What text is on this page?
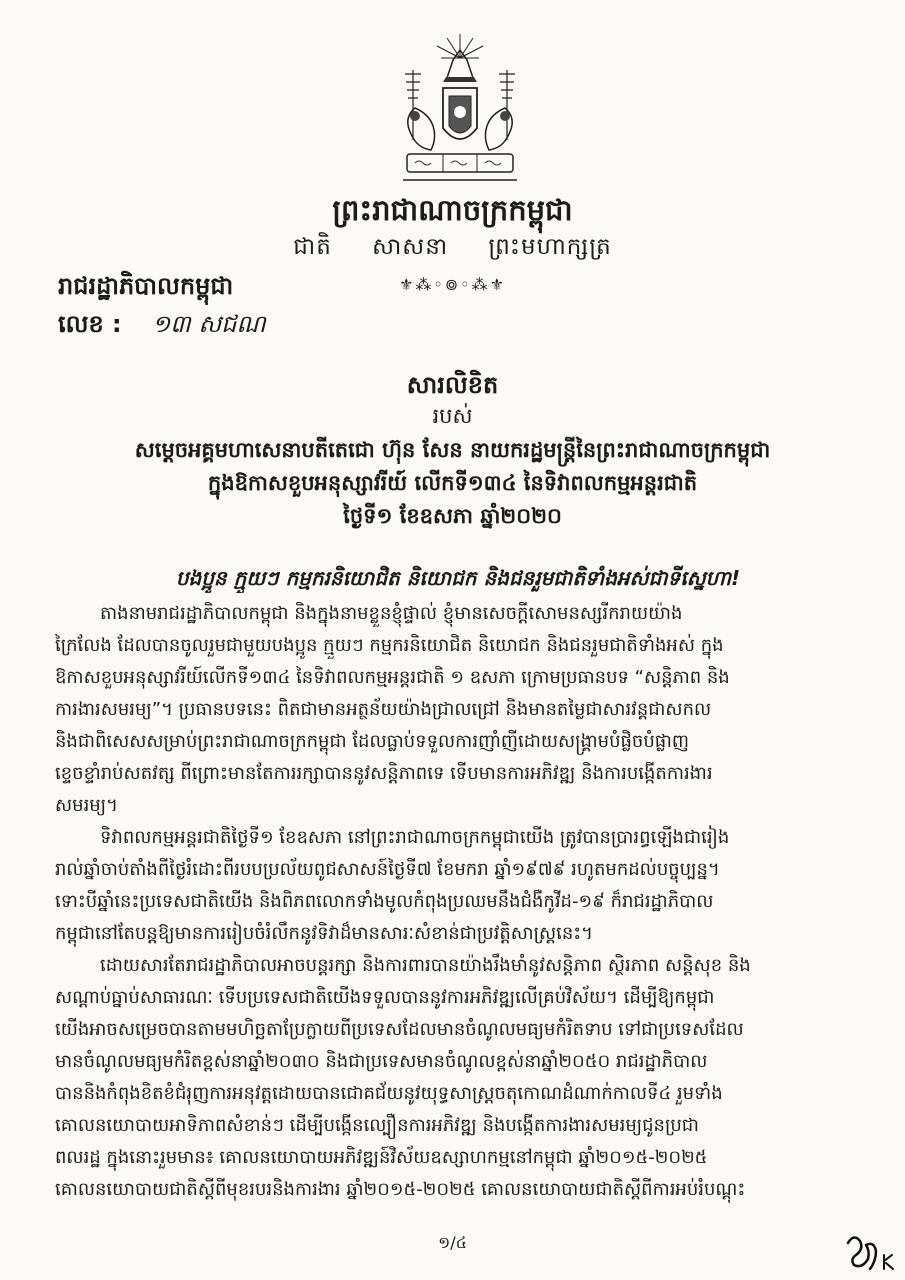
ព្រះរាជាណាចក្រកម្ពុជា
ជាតិ សាសនា ព្រះមហាក្សត្រ
⚜⁂◦៙◦⁂⚜
រាជរដ្ឋាភិបាលកម្ពុជា
លេខ : ១៣ សជណ
សារលិខិត
របស់
សម្តេចអគ្គមហាសេនាបតីតេជោ ហ៊ុន សែន នាយករដ្ឋមន្ត្រីនៃព្រះរាជាណាចក្រកម្ពុជា
ក្នុងឱកាសខួបអនុស្សាវរីយ៍ លើកទី១៣៤ នៃទិវាពលកម្មអន្តរជាតិ
ថ្ងៃទី១ ខែឧសភា ឆ្នាំ២០២០
បងប្អូន ក្មួយៗ កម្មករនិយោជិត និយោជក និងជនរួមជាតិទាំងអស់ជាទីស្នេហា!

តាងនាមរាជរដ្ឋាភិបាលកម្ពុជា និងក្នុងនាមខ្លួនខ្ញុំផ្ទាល់ ខ្ញុំមានសេចក្តីសោមនស្សរីករាយយ៉ាង
ក្រៃលែង ដែលបានចូលរួមជាមួយបងប្អូន ក្មួយៗ កម្មករនិយោជិត និយោជក និងជនរួមជាតិទាំងអស់ ក្នុង
ឱកាសខួបអនុស្សាវរីយ៍លើកទី១៣៤ នៃទិវាពលកម្មអន្តរជាតិ ១ ឧសភា ក្រោមប្រធានបទ “សន្តិភាព និង
ការងារសមរម្យ”។ ប្រធានបទនេះ ពិតជាមានអត្ថន័យយ៉ាងជ្រាលជ្រៅ និងមានតម្លៃជាសារវន្តជាសកល
និងជាពិសេសសម្រាប់ព្រះរាជាណាចក្រកម្ពុជា ដែលធ្លាប់ទទួលការញាំញីដោយសង្គ្រាមបំផ្លិចបំផ្លាញ
ខ្ទេចខ្ទាំរាប់សតវត្ស ពីព្រោះមានតែការរក្សាបាននូវសន្តិភាពទេ ទើបមានការអភិវឌ្ឍ និងការបង្កើតការងារ
សមរម្យ។

ទិវាពលកម្មអន្តរជាតិថ្ងៃទី១ ខែឧសភា នៅព្រះរាជាណាចក្រកម្ពុជាយើង ត្រូវបានប្រារព្ធឡើងជារៀង
រាល់ឆ្នាំចាប់តាំងពីថ្ងៃរំដោះពីរបបប្រល័យពូជសាសន៍ថ្ងៃទី៧ ខែមករា ឆ្នាំ១៩៧៩ រហូតមកដល់បច្ចុប្បន្ន។
ទោះបីឆ្នាំនេះប្រទេសជាតិយើង និងពិភពលោកទាំងមូលកំពុងប្រឈមនឹងជំងឺកូវីដ-១៩ ក៏រាជរដ្ឋាភិបាល
កម្ពុជានៅតែបន្តឱ្យមានការរៀបចំរំលឹកនូវទិវាដ៏មានសារៈសំខាន់ជាប្រវត្តិសាស្ត្រនេះ។

ដោយសារតែរាជរដ្ឋាភិបាលអាចបន្តរក្សា និងការពារបានយ៉ាងរឹងមាំនូវសន្តិភាព ស្ថិរភាព សន្តិសុខ និង
សណ្តាប់ធ្នាប់សាធារណៈ ទើបប្រទេសជាតិយើងទទួលបាននូវការអភិវឌ្ឍលើគ្រប់វិស័យ។ ដើម្បីឱ្យកម្ពុជា
យើងអាចសម្រេចបានតាមមហិច្ឆតាប្រែក្លាយពីប្រទេសដែលមានចំណូលមធ្យមកំរិតទាប ទៅជាប្រទេសដែល
មានចំណូលមធ្យមកំរិតខ្ពស់នាឆ្នាំ២០៣០ និងជាប្រទេសមានចំណូលខ្ពស់នាឆ្នាំ២០៥០ រាជរដ្ឋាភិបាល
បាននិងកំពុងខិតខំជំរុញការអនុវត្តដោយបានជោគជ័យនូវយុទ្ធសាស្ត្រចតុកោណដំណាក់កាលទី៤ រួមទាំង
គោលនយោបាយអាទិភាពសំខាន់ៗ ដើម្បីបង្កើនល្បឿនការអភិវឌ្ឍ និងបង្កើតការងារសមរម្យជូនប្រជា
ពលរដ្ឋ ក្នុងនោះរួមមាន៖ គោលនយោបាយអភិវឌ្ឍន៍វិស័យឧស្សាហកម្មនៅកម្ពុជា ឆ្នាំ២០១៥-២០២៥
គោលនយោបាយជាតិស្តីពីមុខរបរនិងការងារ ឆ្នាំ២០១៥-២០២៥ គោលនយោបាយជាតិស្តីពីការអប់រំបណ្តុះ

១/៤
